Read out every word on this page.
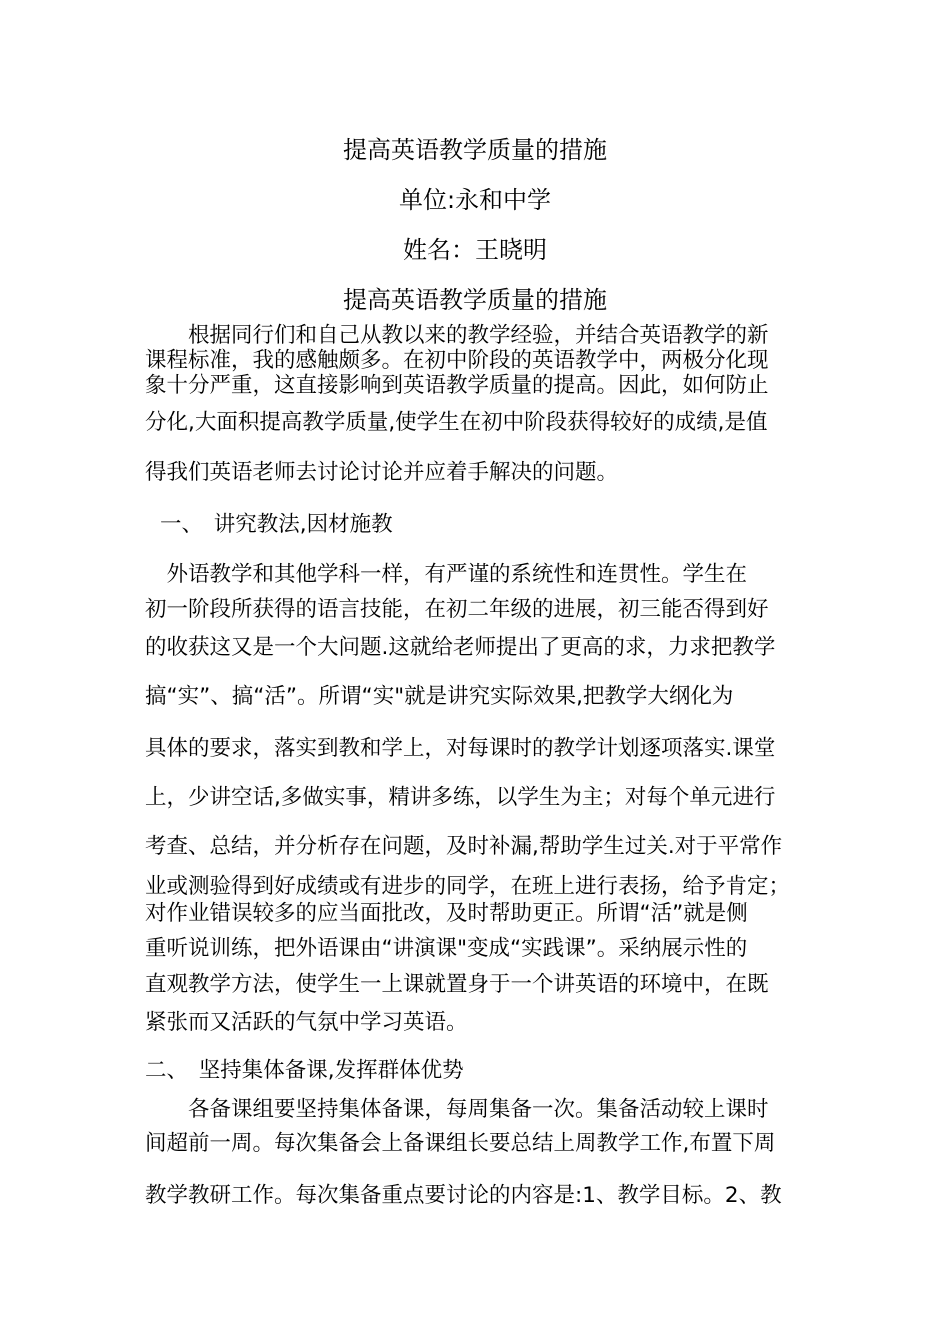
提高英语教学质量的措施
单位:永和中学
姓名：王晓明
提高英语教学质量的措施
　　根据同行们和自己从教以来的教学经验，并结合英语教学的新
课程标准，我的感触颇多。在初中阶段的英语教学中，两极分化现
象十分严重，这直接影响到英语教学质量的提高。因此，如何防止
分化,大面积提高教学质量,使学生在初中阶段获得较好的成绩,是值
得我们英语老师去讨论讨论并应着手解决的问题。
一、　讲究教法,因材施教
　外语教学和其他学科一样，有严谨的系统性和连贯性。学生在
初一阶段所获得的语言技能，在初二年级的进展，初三能否得到好
的收获这又是一个大问题.这就给老师提出了更高的求，力求把教学
搞“实”、搞“活”。所谓“实"就是讲究实际效果,把教学大纲化为
具体的要求，落实到教和学上，对每课时的教学计划逐项落实.课堂
上，少讲空话,多做实事，精讲多练，以学生为主；对每个单元进行
考查、总结，并分析存在问题，及时补漏,帮助学生过关.对于平常作
业或测验得到好成绩或有进步的同学，在班上进行表扬，给予肯定；
对作业错误较多的应当面批改，及时帮助更正。所谓“活”就是侧
重听说训练，把外语课由“讲演课"变成“实践课”。采纳展示性的
直观教学方法，使学生一上课就置身于一个讲英语的环境中，在既
紧张而又活跃的气氛中学习英语。
二、　坚持集体备课,发挥群体优势
　　各备课组要坚持集体备课，每周集备一次。集备活动较上课时
间超前一周。每次集备会上备课组长要总结上周教学工作,布置下周
教学教研工作。每次集备重点要讨论的内容是:1、教学目标。2、教
